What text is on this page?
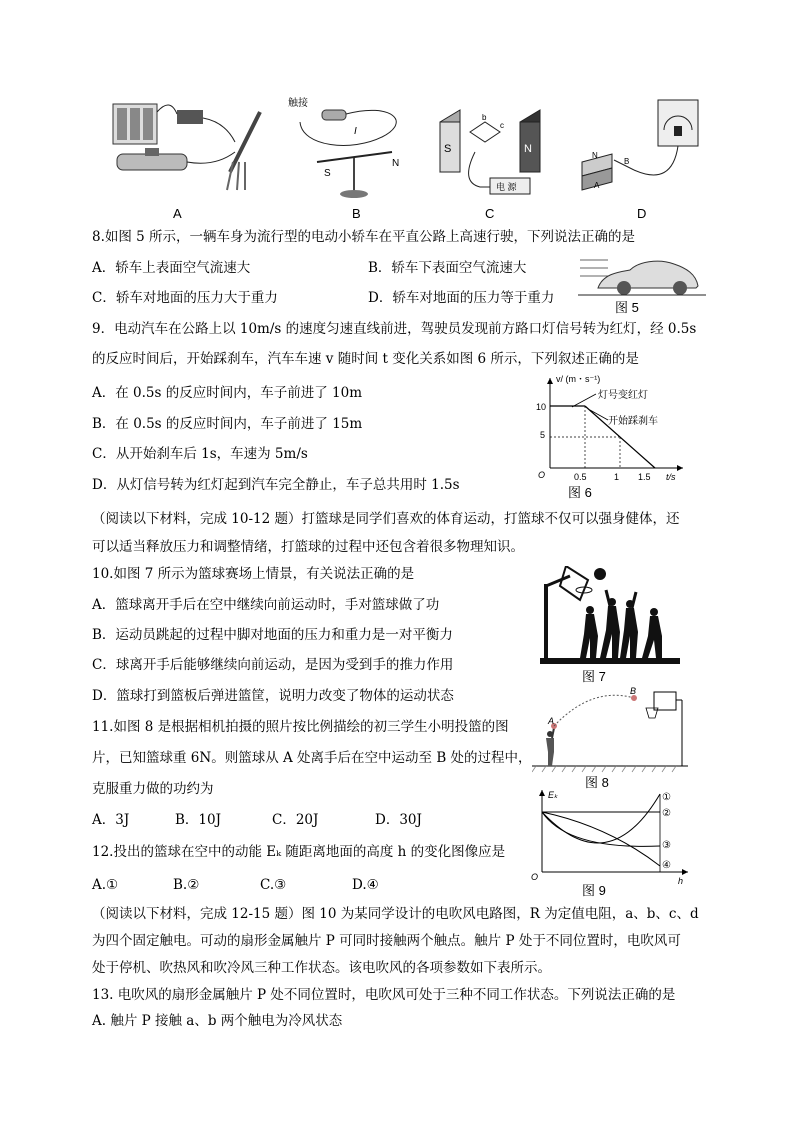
触接
I
S
N
S	N
b
c
电 源
N
B
A
A	B	C	D
8.如图 5 所示，一辆车身为流行型的电动小轿车在平直公路上高速行驶，下列说法正确的是
A．轿车上表面空气流速大	B．轿车下表面空气流速大
C．轿车对地面的压力大于重力	D．轿车对地面的压力等于重力
图 5
9．电动汽车在公路上以 10m/s 的速度匀速直线前进，驾驶员发现前方路口灯信号转为红灯，经 0.5s
的反应时间后，开始踩刹车，汽车车速 v 随时间 t 变化关系如图 6 所示，下列叙述正确的是
A．在 0.5s 的反应时间内，车子前进了 10m
B．在 0.5s 的反应时间内，车子前进了 15m
C．从开始刹车后 1s，车速为 5m/s
D．从灯信号转为红灯起到汽车完全静止，车子总共用时 1.5s
v/ (m・s⁻¹)
t/s
O
10
5
0.5	1 1.5
灯号变红灯
开始踩刹车
图 6
（阅读以下材料，完成 10-12 题）打篮球是同学们喜欢的体育运动，打篮球不仅可以强身健体，还
可以适当释放压力和调整情绪，打篮球的过程中还包含着很多物理知识。
10.如图 7 所示为篮球赛场上情景，有关说法正确的是
A．篮球离开手后在空中继续向前运动时，手对篮球做了功
B．运动员跳起的过程中脚对地面的压力和重力是一对平衡力
C．球离开手后能够继续向前运动，是因为受到手的推力作用
D．篮球打到篮板后弹进篮筐，说明力改变了物体的运动状态
图 7
11.如图 8 是根据相机拍摄的照片按比例描绘的初三学生小明投篮的图
片，已知篮球重 6N。则篮球从 A 处离手后在空中运动至 B 处的过程中，
克服重力做的功约为
A．3J	B．10J	C．20J	D．30J
A
B
图 8
12.投出的篮球在空中的动能 Eₖ 随距离地面的高度 h 的变化图像应是
A.①	B.②	C.③	D.④
Eₖ
h
O
①
②
③
④
图 9
（阅读以下材料，完成 12-15 题）图 10 为某同学设计的电吹风电路图，R 为定值电阻，a、b、c、d
为四个固定触电。可动的扇形金属触片 P 可同时接触两个触点。触片 P 处于不同位置时，电吹风可
处于停机、吹热风和吹冷风三种工作状态。该电吹风的各项参数如下表所示。
13. 电吹风的扇形金属触片 P 处不同位置时，电吹风可处于三种不同工作状态。下列说法正确的是
A. 触片 P 接触 a、b 两个触电为冷风状态
